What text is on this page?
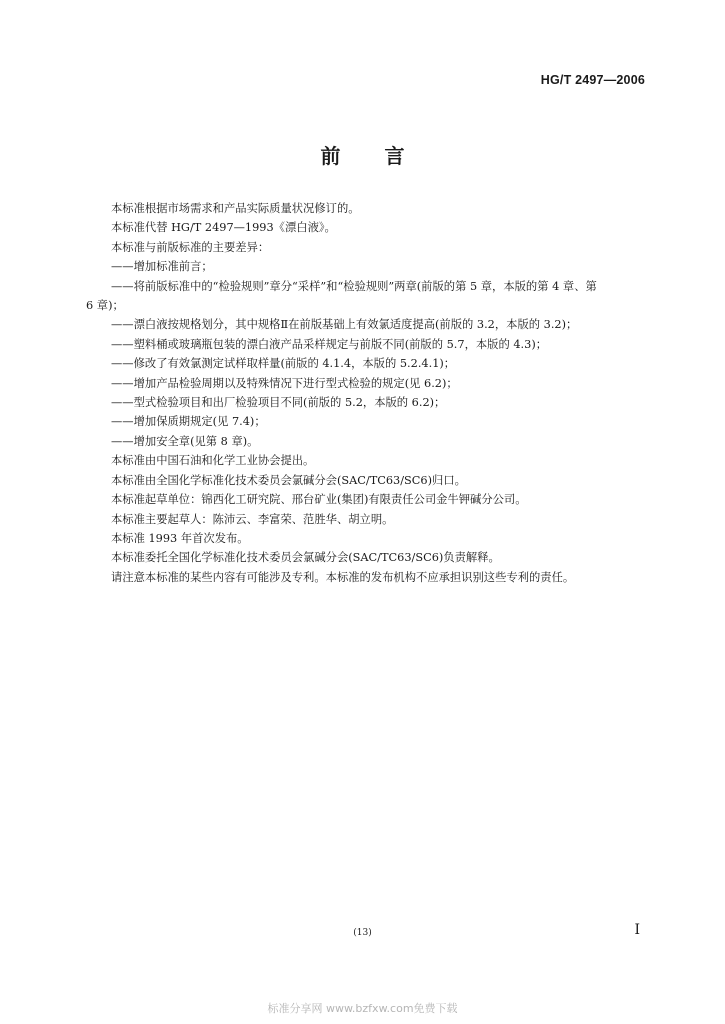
HG/T 2497—2006
前 言

本标准根据市场需求和产品实际质量状况修订的。

本标准代替 HG/T 2497—1993《漂白液》。

本标准与前版标准的主要差异：

——增加标准前言；

——将前版标准中的“检验规则”章分“采样”和“检验规则”两章(前版的第 5 章，本版的第 4 章、第

6 章)；

——漂白液按规格划分，其中规格Ⅱ在前版基础上有效氯适度提高(前版的 3.2，本版的 3.2)；

——塑料桶或玻璃瓶包装的漂白液产品采样规定与前版不同(前版的 5.7，本版的 4.3)；

——修改了有效氯测定试样取样量(前版的 4.1.4，本版的 5.2.4.1)；

——增加产品检验周期以及特殊情况下进行型式检验的规定(见 6.2)；

——型式检验项目和出厂检验项目不同(前版的 5.2，本版的 6.2)；

——增加保质期规定(见 7.4)；

——增加安全章(见第 8 章)。

本标准由中国石油和化学工业协会提出。

本标准由全国化学标准化技术委员会氯碱分会(SAC/TC63/SC6)归口。

本标准起草单位：锦西化工研究院、邢台矿业(集团)有限责任公司金牛钾碱分公司。

本标准主要起草人：陈沛云、李富荣、范胜华、胡立明。

本标准 1993 年首次发布。

本标准委托全国化学标准化技术委员会氯碱分会(SAC/TC63/SC6)负责解释。

请注意本标准的某些内容有可能涉及专利。本标准的发布机构不应承担识别这些专利的责任。

(13)	I
标准分享网 www.bzfxw.com免费下载
